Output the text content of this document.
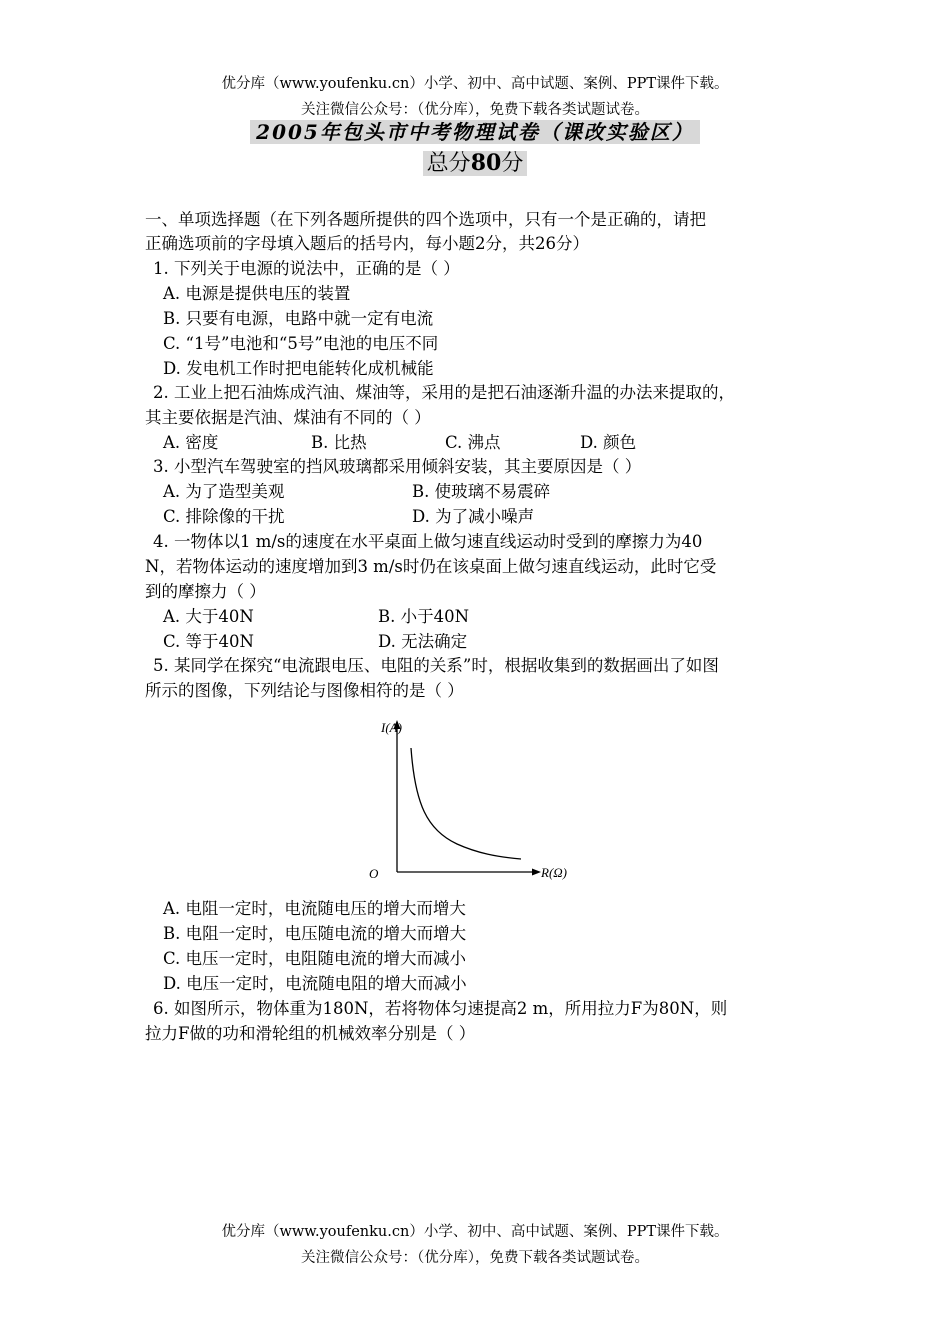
优分库（www.youfenku.cn）小学、初中、高中试题、案例、PPT课件下载。
关注微信公众号：（优分库），免费下载各类试题试卷。
2005年包头市中考物理试卷（课改实验区）
总分80分
一、单项选择题（在下列各题所提供的四个选项中，只有一个是正确的，请把
正确选项前的字母填入题后的括号内，每小题2分，共26分）
1. 下列关于电源的说法中，正确的是（ ）
A. 电源是提供电压的装置
B. 只要有电源，电路中就一定有电流
C. “1号”电池和“5号”电池的电压不同
D. 发电机工作时把电能转化成机械能
2. 工业上把石油炼成汽油、煤油等，采用的是把石油逐渐升温的办法来提取的，
其主要依据是汽油、煤油有不同的（ ）
A. 密度	B. 比热	C. 沸点	D. 颜色
3. 小型汽车驾驶室的挡风玻璃都采用倾斜安装，其主要原因是（ ）
A. 为了造型美观	B. 使玻璃不易震碎
C. 排除像的干扰	D. 为了减小噪声
4. 一物体以1 m/s的速度在水平桌面上做匀速直线运动时受到的摩擦力为40
N，若物体运动的速度增加到3 m/s时仍在该桌面上做匀速直线运动，此时它受
到的摩擦力（ ）
A. 大于40N	B. 小于40N
C. 等于40N	D. 无法确定
5. 某同学在探究“电流跟电压、电阻的关系”时，根据收集到的数据画出了如图
所示的图像，下列结论与图像相符的是（ ）
I(A)
R(Ω)
O
A. 电阻一定时，电流随电压的增大而增大
B. 电阻一定时，电压随电流的增大而增大
C. 电压一定时，电阻随电流的增大而减小
D. 电压一定时，电流随电阻的增大而减小
6. 如图所示，物体重为180N，若将物体匀速提高2 m，所用拉力F为80N，则
拉力F做的功和滑轮组的机械效率分别是（ ）
优分库（www.youfenku.cn）小学、初中、高中试题、案例、PPT课件下载。
关注微信公众号：（优分库），免费下载各类试题试卷。
